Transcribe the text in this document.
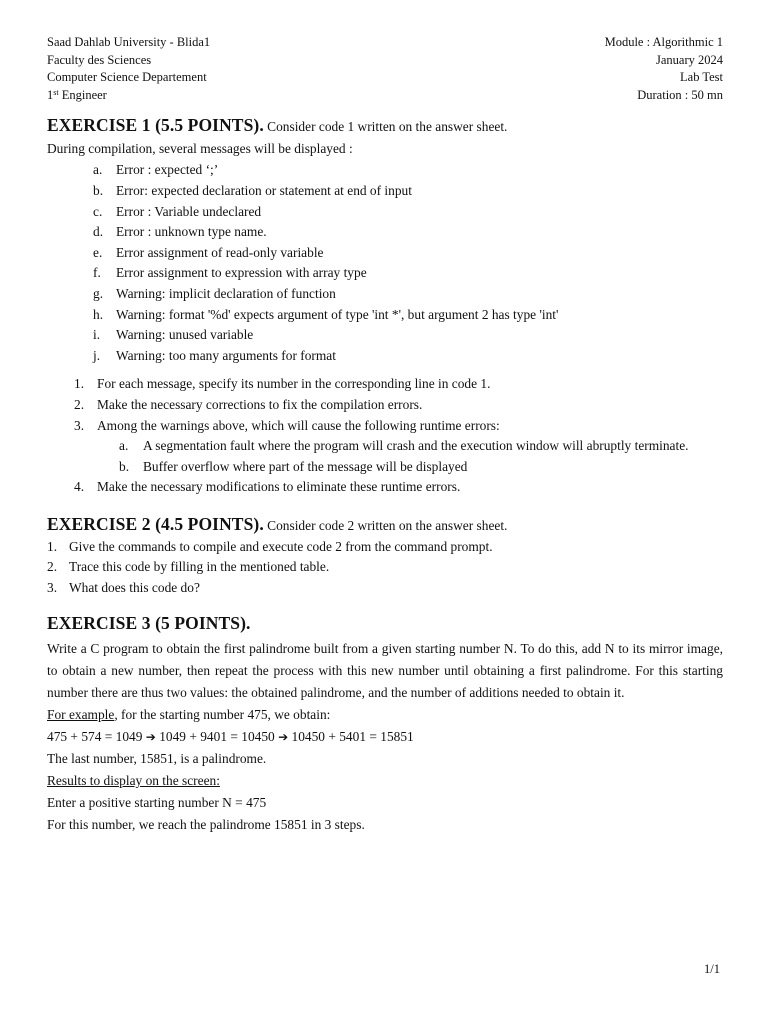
Saad Dahlab University - Blida1
Faculty des Sciences
Computer Science Departement
1st Engineer
Module : Algorithmic 1
January 2024
Lab Test
Duration : 50 mn
EXERCISE 1 (5.5 POINTS). Consider code 1 written on the answer sheet.

During compilation, several messages will be displayed :

a. Error : expected ‘;’
b. Error: expected declaration or statement at end of input
c. Error : Variable undeclared
d. Error : unknown type name.
e. Error assignment of read-only variable
f. Error assignment to expression with array type
g. Warning: implicit declaration of function
h. Warning: format '%d' expects argument of type 'int *', but argument 2 has type 'int'
i. Warning: unused variable
j. Warning: too many arguments for format
1. For each message, specify its number in the corresponding line in code 1.
2. Make the necessary corrections to fix the compilation errors.
3. Among the warnings above, which will cause the following runtime errors:
a. A segmentation fault where the program will crash and the execution window will abruptly terminate.
b. Buffer overflow where part of the message will be displayed
4. Make the necessary modifications to eliminate these runtime errors.
EXERCISE 2 (4.5 POINTS). Consider code 2 written on the answer sheet.
1. Give the commands to compile and execute code 2 from the command prompt.
2. Trace this code by filling in the mentioned table.
3. What does this code do?
EXERCISE 3 (5 POINTS).

Write a C program to obtain the first palindrome built from a given starting number N. To do this, add N to its mirror image, to obtain a new number, then repeat the process with this new number until obtaining a first palindrome. For this starting number there are thus two values: the obtained palindrome, and the number of additions needed to obtain it.

For example, for the starting number 475, we obtain:

475 + 574 = 1049 ➔ 1049 + 9401 = 10450 ➔ 10450 + 5401 = 15851

The last number, 15851, is a palindrome.

Results to display on the screen:

Enter a positive starting number N = 475

For this number, we reach the palindrome 15851 in 3 steps.

1/1
